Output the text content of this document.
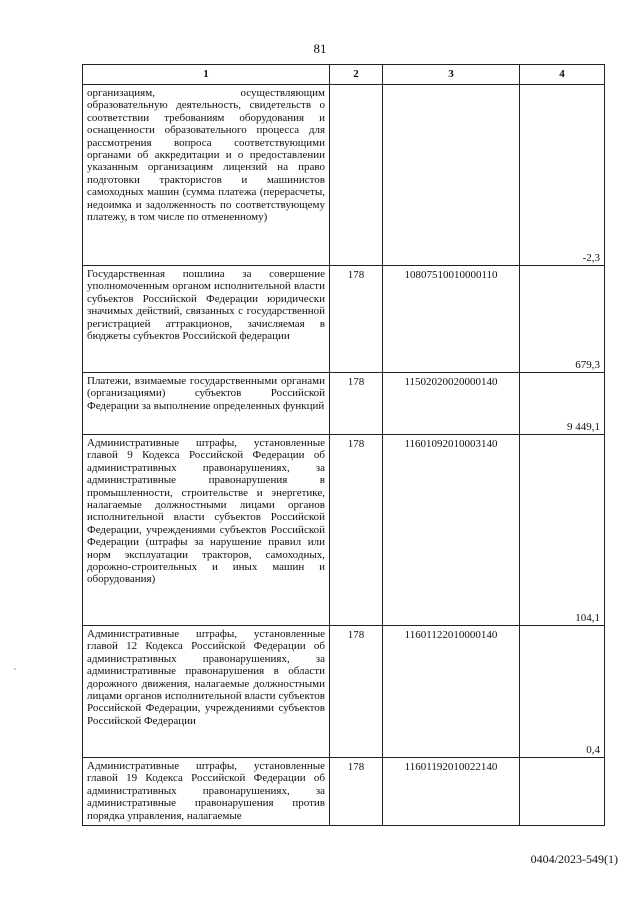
81
1	2	3	4
организациям, осуществляющим образовательную деятельность, свидетельств о соответствии требованиям оборудования и оснащенности образовательного процесса для рассмотрения вопроса соответствующими органами об аккредитации и о предоставлении указанным организациям лицензий на право подготовки трактористов и машинистов самоходных машин (сумма платежа (перерасчеты, недоимка и задолженность по соответствующему платежу, в том числе по отмененному)			-2,3
Государственная пошлина за совершение уполномоченным органом исполнительной власти субъектов Российской Федерации юридически значимых действий, связанных с государственной регистрацией аттракционов, зачисляемая в бюджеты субъектов Российской федерации	178	10807510010000110	679,3
Платежи, взимаемые государственными органами (организациями) субъектов Российской Федерации за выполнение определенных функций	178	11502020020000140	9 449,1
Административные штрафы, установленные главой 9 Кодекса Российской Федерации об административных правонарушениях, за административные правонарушения в промышленности, строительстве и энергетике, налагаемые должностными лицами органов исполнительной власти субъектов Российской Федерации, учреждениями субъектов Российской Федерации (штрафы за нарушение правил или норм эксплуатации тракторов, самоходных, дорожно-строительных и иных машин и оборудования)	178	11601092010003140	104,1
Административные штрафы, установленные главой 12 Кодекса Российской Федерации об административных правонарушениях, за административные правонарушения в области дорожного движения, налагаемые должностными лицами органов исполнительной власти субъектов Российской Федерации, учреждениями субъектов Российской Федерации	178	11601122010000140	0,4
Административные штрафы, установленные главой 19 Кодекса Российской Федерации об административных правонарушениях, за административные правонарушения против порядка управления, налагаемые	178	11601192010022140	
0404/2023-549(1)
